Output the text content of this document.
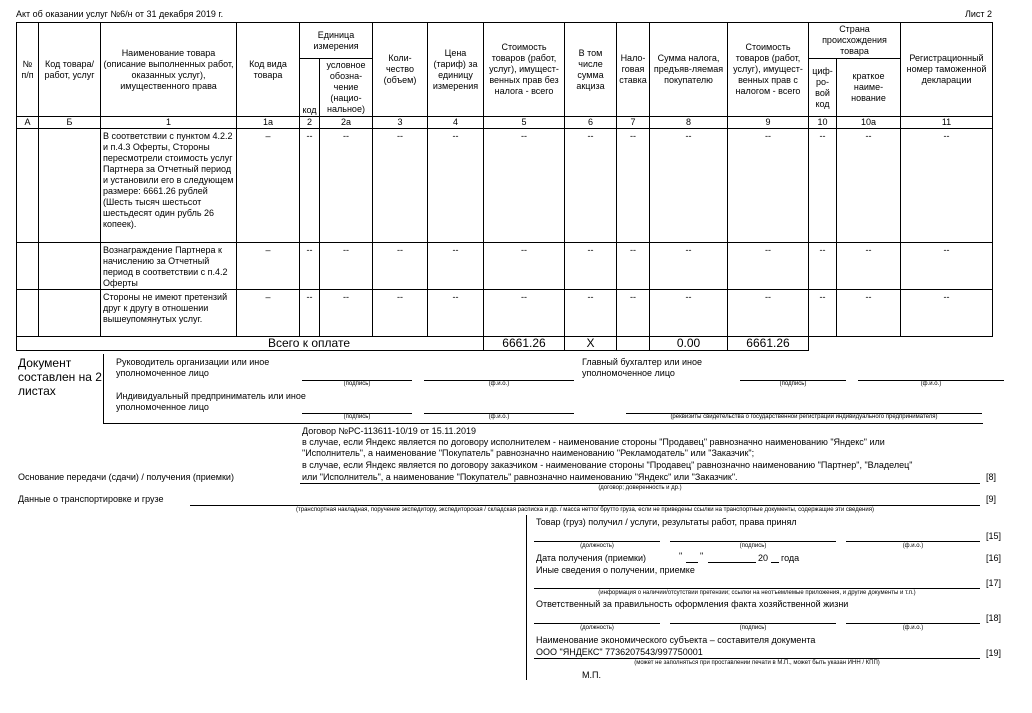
Акт об оказании услуг №6/н от 31 декабря 2019 г.	Лист 2
№ п/п	Код товара/ работ, услуг	Наименование товара (описание выполненных работ, оказанных услуг), имущественного права	Код вида товара	Единица измерения		Коли-чество (объем)	Цена (тариф) за единицу измерения	Стоимость товаров (работ, услуг), имущест-венных прав без налога - всего	В том числе сумма акциза	Нало-говая ставка	Сумма налога, предъяв-ляемая покупателю	Стоимость товаров (работ, услуг), имущест-венных прав с налогом - всего	Страна происхождения товара		Регистрационный номер таможенной декларации
				код	условное обозна-чение (нацио-нальное)								циф-ро-вой код	краткое наиме-нование	
А	Б	1	1а	2	2а	3	4	5	6	7	8	9	10	10а	11
		В соответствии с пунктом 4.2.2 и п.4.3 Оферты, Стороны пересмотрели стоимость услуг Партнера за Отчетный период и установили его в следующем размере: 6661.26 рублей (Шесть тысяч шестьсот шестьдесят один рубль 26 копеек).	–	--	--	--	--	--	--	--	--	--	--	--	--
		Вознаграждение Партнера к начислению за Отчетный период в соответствии с п.4.2 Оферты	–	--	--	--	--	--	--	--	--	--	--	--	--
		Стороны не имеют претензий друг к другу в отношении вышеупомянутых услуг.	–	--	--	--	--	--	--	--	--	--	--	--	--
Всего к оплате								6661.26	X		0.00	6661.26			
Документ составлен на 2 листах
Руководитель организации или иное уполномоченное лицо
(подпись)	(ф.и.о.)
Главный бухгалтер или иное уполномоченное лицо
(подпись)	(ф.и.о.)
Индивидуальный предприниматель или иное уполномоченное лицо
(подпись)	(ф.и.о.)	(реквизиты свидетельства о государственной регистрации индивидуального предпринимателя)
Договор №РС-113611-10/19 от 15.11.2019
в случае, если Яндекс является по договору исполнителем - наименование стороны "Продавец" равнозначно наименованию "Яндекс" или
"Исполнитель", а наименование "Покупатель" равнозначно наименованию "Рекламодатель" или "Заказчик";
в случае, если Яндекс является по договору заказчиком - наименование стороны "Продавец" равнозначно наименованию "Партнер", "Владелец"
или "Исполнитель", а наименование "Покупатель" равнозначно наименованию "Яндекс" или "Заказчик".
Основание передачи (сдачи) / получения (приемки)	[8]
(договор; доверенность и др.)
Данные о транспортировке и грузе	[9]
(транспортная накладная, поручение экспедитору, экспедиторская / складская расписка и др. / масса нетто/ брутто груза, если не приведены ссылки на транспортные документы, содержащие эти сведения)
Товар (груз) получил / услуги, результаты работ, права принял
[15]
(должность)	(подпись)	(ф.и.о.)
Дата получения (приемки)	" "	20 года	[16]
Иные сведения о получении, приемке
[17]
(информация о наличии/отсутствии претензии; ссылки на неотъемлемые приложения, и другие документы и т.п.)
Ответственный за правильность оформления факта хозяйственной жизни
[18]
(должность)	(подпись)	(ф.и.о.)
Наименование экономического субъекта – составителя документа
ООО "ЯНДЕКС" 7736207543/997750001	[19]
(может не заполняться при проставлении печати в М.П., может быть указан ИНН / КПП)
М.П.
